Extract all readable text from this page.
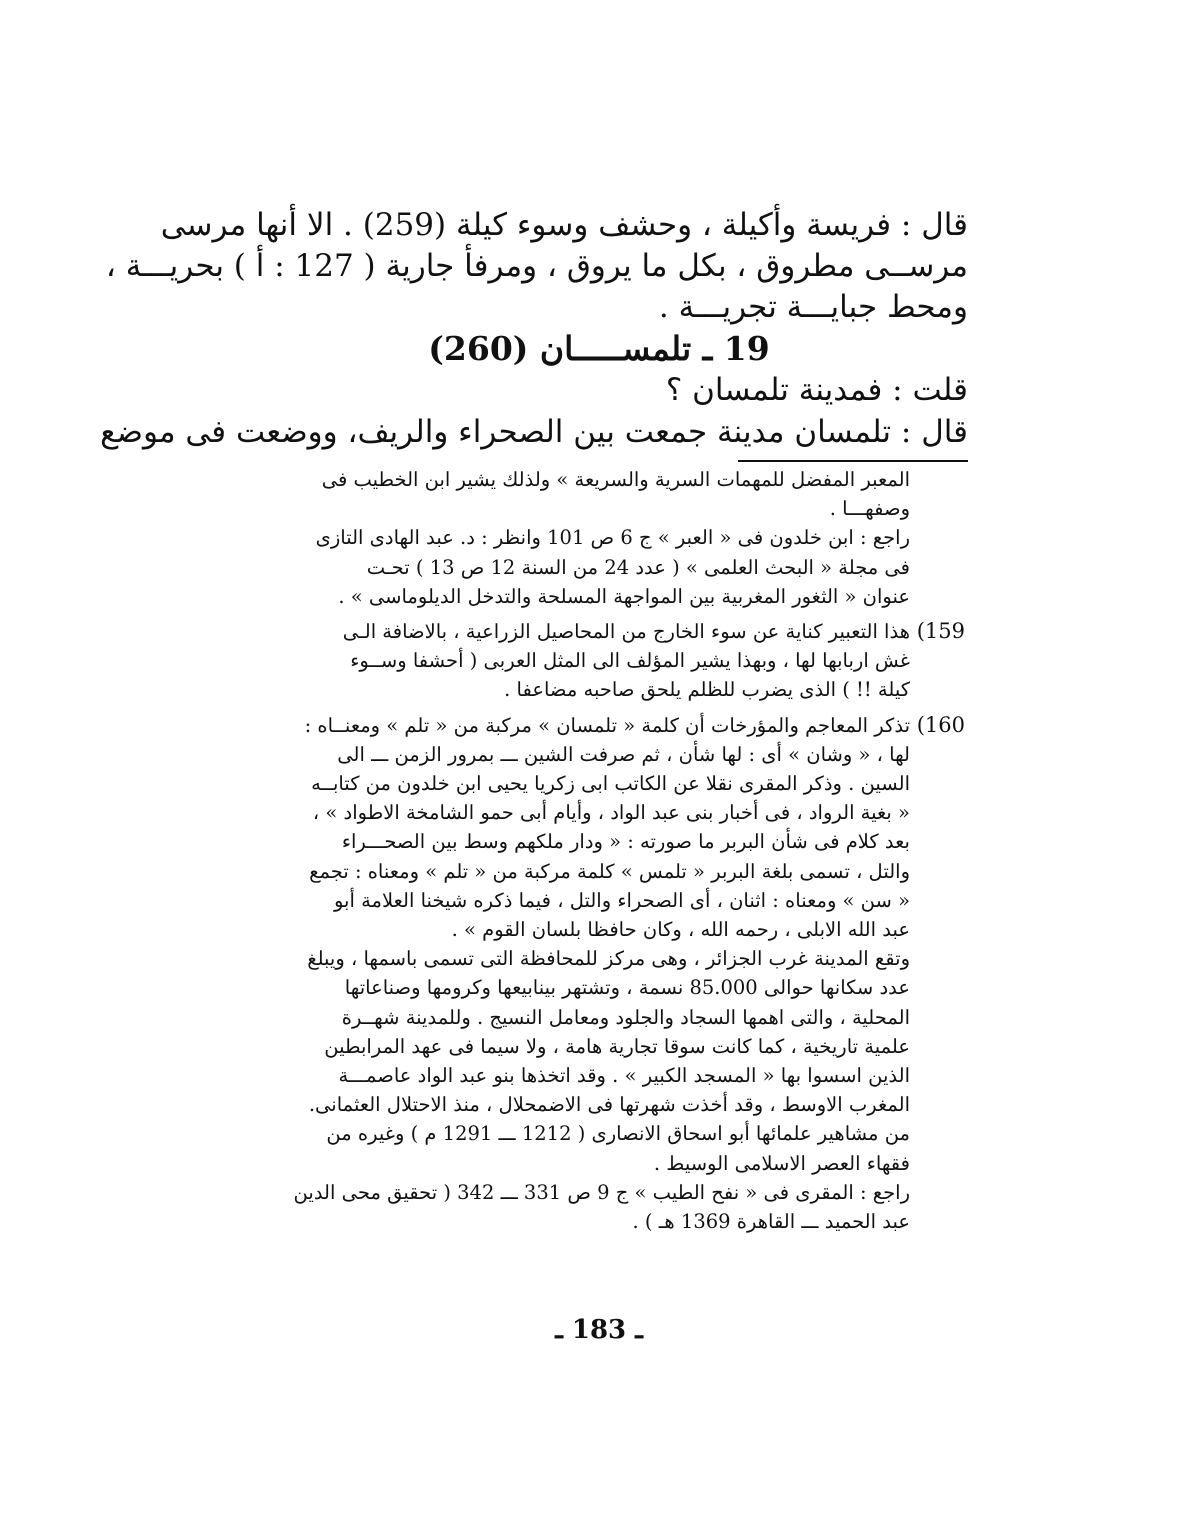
قال : فريسة وأكيلة ، وحشف وسوء كيلة (259) . الا أنها مرسى
مرســى مطروق ، بكل ما يروق ، ومرفأ جارية ( 127 : أ ) بحريـــة ،
ومحط جبايـــة تجريـــة .
19 ـ تلمســـــان (260)
قلت : فمدينة تلمسان ؟
قال : تلمسان مدينة جمعت بين الصحراء والريف، ووضعت فى موضع
المعبر المفضل للمهمات السرية والسريعة » ولذلك يشير ابن الخطيب فى
وصفهـــا .
راجع : ابن خلدون فى « العبر » ج 6 ص 101 وانظر : د. عبد الهادى التازى
فى مجلة « البحث العلمى » ( عدد 24 من السنة 12 ص 13 ) تحـت
عنوان « الثغور المغربية بين المواجهة المسلحة والتدخل الديلوماسى » .
159)
هذا التعبير كناية عن سوء الخارج من المحاصيل الزراعية ، بالاضافة الـى
غش اربابها لها ، وبهذا يشير المؤلف الى المثل العربى ( أحشفا وســوء
كيلة !! ) الذى يضرب للظلم يلحق صاحبه مضاعفا .
160)
تذكر المعاجم والمؤرخات أن كلمة « تلمسان » مركبة من « تلم » ومعنــاه :
لها ، « وشان » أى : لها شأن ، ثم صرفت الشين ـــ بمرور الزمن ـــ الى
السين . وذكر المقرى نقلا عن الكاتب ابى زكريا يحيى ابن خلدون من كتابــه
« بغية الرواد ، فى أخبار بنى عبد الواد ، وأيام أبى حمو الشامخة الاطواد » ،
بعد كلام فى شأن البربر ما صورته : « ودار ملكهم وسط بين الصحـــراء
والتل ، تسمى بلغة البربر « تلمس » كلمة مركبة من « تلم » ومعناه : تجمع
« سن » ومعناه : اثنان ، أى الصحراء والتل ، فيما ذكره شيخنا العلامة أبو
عبد الله الابلى ، رحمه الله ، وكان حافظا بلسان القوم » .
وتقع المدينة غرب الجزائر ، وهى مركز للمحافظة التى تسمى باسمها ، ويبلغ
عدد سكانها حوالى 85.000 نسمة ، وتشتهر بينابيعها وكرومها وصناعاتها
المحلية ، والتى اهمها السجاد والجلود ومعامل النسيج . وللمدينة شهــرة
علمية تاريخية ، كما كانت سوقا تجارية هامة ، ولا سيما فى عهد المرابطين
الذين اسسوا بها « المسجد الكبير » . وقد اتخذها بنو عبد الواد عاصمـــة
المغرب الاوسط ، وقد أخذت شهرتها فى الاضمحلال ، منذ الاحتلال العثمانى.
من مشاهير علمائها أبو اسحاق الانصارى ( 1212 ـــ 1291 م ) وغيره من
فقهاء العصر الاسلامى الوسيط .
راجع : المقرى فى « نفح الطيب » ج 9 ص 331 ـــ 342 ( تحقيق محى الدين
عبد الحميد ـــ القاهرة 1369 هـ ) .
ـ 183 ـ
